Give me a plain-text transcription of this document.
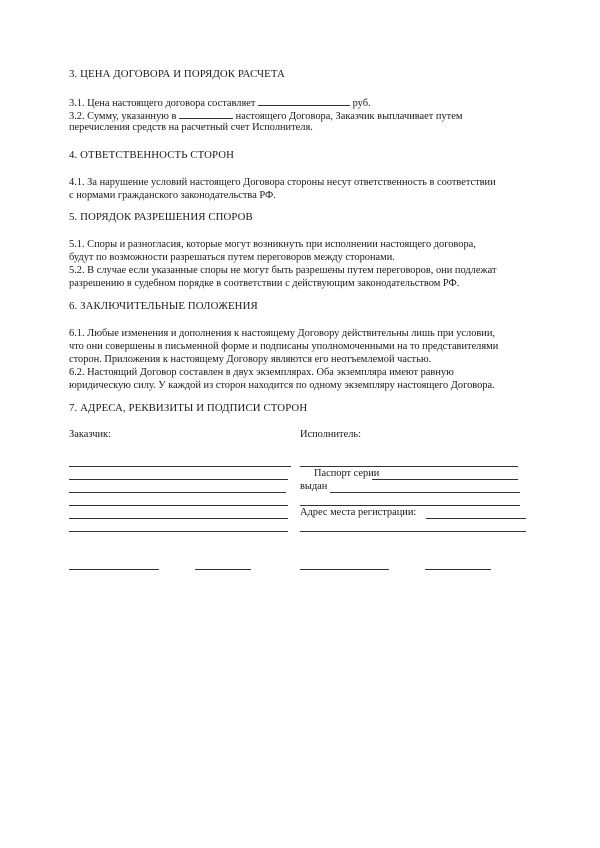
3. ЦЕНА ДОГОВОРА И ПОРЯДОК РАСЧЕТА

3.1. Цена настоящего договора составляет	руб.
3.2. Сумму, указанную в	настоящего Договора, Заказчик выплачивает путем
перечисления средств на расчетный счет Исполнителя.

4. ОТВЕТСТВЕННОСТЬ СТОРОН

4.1. За нарушение условий настоящего Договора стороны несут ответственность в соответствии
с нормами гражданского законодательства РФ.

5. ПОРЯДОК РАЗРЕШЕНИЯ СПОРОВ

5.1. Споры и разногласия, которые могут возникнуть при исполнении настоящего договора,
будут по возможности разрешаться путем переговоров между сторонами.
5.2. В случае если указанные споры не могут быть разрешены путем переговоров, они подлежат
разрешению в судебном порядке в соответствии с действующим законодательством РФ.

6. ЗАКЛЮЧИТЕЛЬНЫЕ ПОЛОЖЕНИЯ

6.1. Любые изменения и дополнения к настоящему Договору действительны лишь при условии,
что они совершены в письменной форме и подписаны уполномоченными на то представителями
сторон. Приложения к настоящему Договору являются его неотъемлемой частью.
6.2. Настоящий Договор составлен в двух экземплярах. Оба экземпляра имеют равную
юридическую силу. У каждой из сторон находится по одному экземпляру настоящего Договора.

7. АДРЕСА, РЕКВИЗИТЫ И ПОДПИСИ СТОРОН

Заказчик:	Исполнитель:
Паспорт серии
выдан
Адрес места регистрации:
